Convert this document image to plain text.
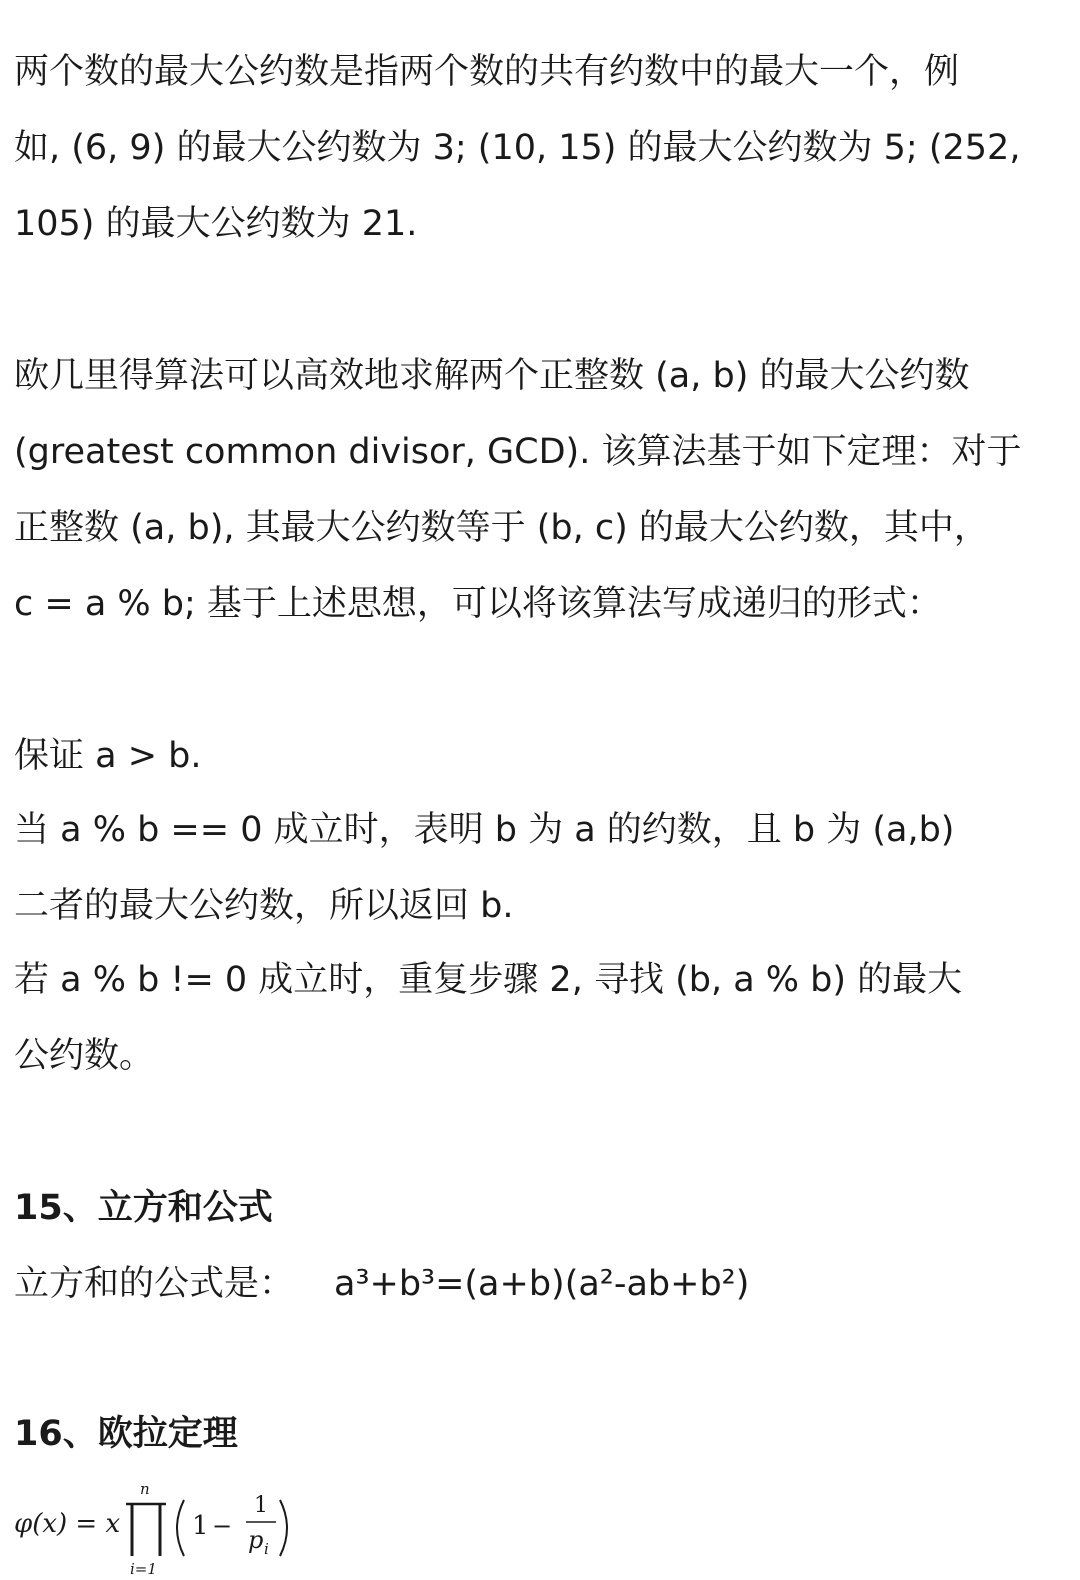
两个数的最大公约数是指两个数的共有约数中的最大一个，例
如, (6, 9) 的最大公约数为 3; (10, 15) 的最大公约数为 5; (252,
105) 的最大公约数为 21.
欧几里得算法可以高效地求解两个正整数 (a, b) 的最大公约数
(greatest common divisor, GCD). 该算法基于如下定理：对于
正整数 (a, b), 其最大公约数等于 (b, c) 的最大公约数，其中，
c = a % b; 基于上述思想，可以将该算法写成递归的形式：
保证 a > b.
当 a % b == 0 成立时，表明 b 为 a 的约数，且 b 为 (a,b)
二者的最大公约数，所以返回 b.
若 a % b != 0 成立时，重复步骤 2, 寻找 (b, a % b) 的最大
公约数。
15、立方和公式
立方和的公式是： a³+b³=(a+b)(a²-ab+b²)
16、欧拉定理
φ(x) = x
n
i=1
1 −
1
p i
